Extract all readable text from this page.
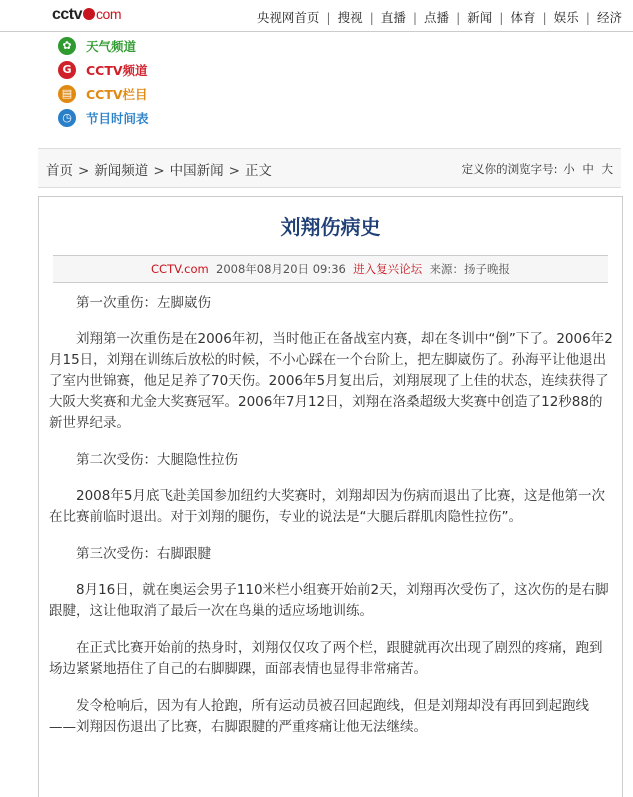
cctv com	央视网首页 | 搜视 | 直播 | 点播 | 新闻 | 体育 | 娱乐 | 经济
✿	天气频道
G	CCTV频道
▤	CCTV栏目
◷	节目时间表
首页 > 新闻频道 > 中国新闻 > 正文	定义你的浏览字号: 小 中 大
刘翔伤病史
CCTV.com 2008年08月20日 09:36 进入复兴论坛 来源：扬子晚报

第一次重伤：左脚崴伤

刘翔第一次重伤是在2006年初，当时他正在备战室内赛，却在冬训中“倒”下了。2006年2月15日，刘翔在训练后放松的时候，不小心踩在一个台阶上，把左脚崴伤了。孙海平让他退出了室内世锦赛，他足足养了70天伤。2006年5月复出后，刘翔展现了上佳的状态，连续获得了大阪大奖赛和尤金大奖赛冠军。2006年7月12日，刘翔在洛桑超级大奖赛中创造了12秒88的新世界纪录。

第二次受伤：大腿隐性拉伤

2008年5月底飞赴美国参加纽约大奖赛时，刘翔却因为伤病而退出了比赛，这是他第一次在比赛前临时退出。对于刘翔的腿伤，专业的说法是“大腿后群肌肉隐性拉伤”。

第三次受伤：右脚跟腱

8月16日，就在奥运会男子110米栏小组赛开始前2天，刘翔再次受伤了，这次伤的是右脚跟腱，这让他取消了最后一次在鸟巢的适应场地训练。

在正式比赛开始前的热身时，刘翔仅仅攻了两个栏，跟腱就再次出现了剧烈的疼痛，跑到场边紧紧地捂住了自己的右脚脚踝，面部表情也显得非常痛苦。

发令枪响后，因为有人抢跑，所有运动员被召回起跑线，但是刘翔却没有再回到起跑线——刘翔因伤退出了比赛，右脚跟腱的严重疼痛让他无法继续。
